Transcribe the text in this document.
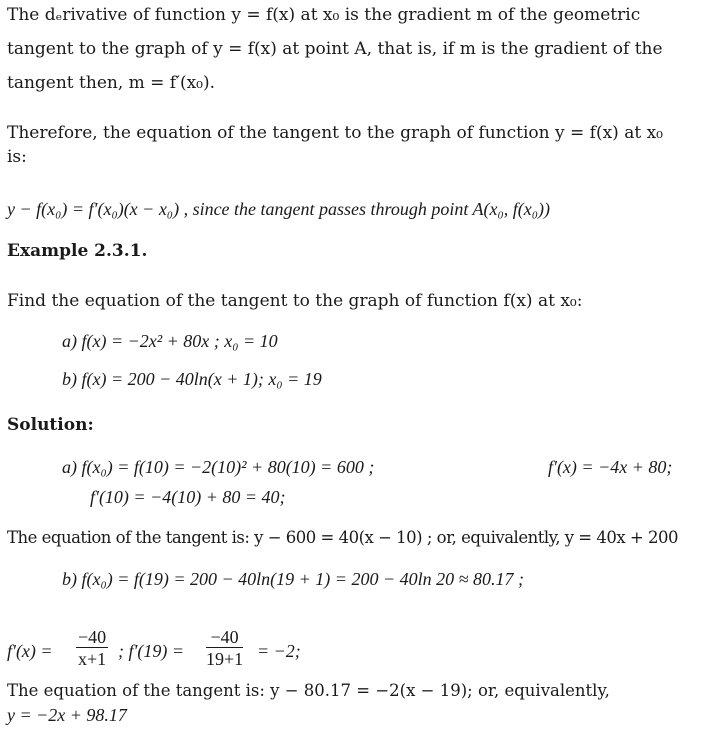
The dₑrivative of function y = f(x) at x₀ is the gradient m of the geometric
tangent to the graph of y = f(x) at point A, that is, if m is the gradient of the
tangent then, m = f′(x₀).
Therefore, the equation of the tangent to the graph of function y = f(x) at x₀
is:
y − f(x₀) = f′(x₀)(x − x₀) , since the tangent passes through point A(x₀, f(x₀))
Example 2.3.1.
Find the equation of the tangent to the graph of function f(x) at x₀:
a) f(x) = −2x² + 80x ; x₀ = 10
b) f(x) = 200 − 40ln(x + 1); x₀ = 19
Solution:
a) f(x₀) = f(10) = −2(10)² + 80(10) = 600 ;	f′(x) = −4x + 80;
f′(10) = −4(10) + 80 = 40;
The equation of the tangent is: y − 600 = 40(x − 10) ; or, equivalently, y = 40x + 200
b) f(x₀) = f(19) = 200 − 40ln(19 + 1) = 200 − 40ln 20 ≈ 80.17 ;
$f'(x) = \frac{-40}{x+1}$ ; $f'(19) = \frac{-40}{19+1} = -2$;
The equation of the tangent is: y − 80.17 = −2(x − 19); or, equivalently,
y = −2x + 98.17
